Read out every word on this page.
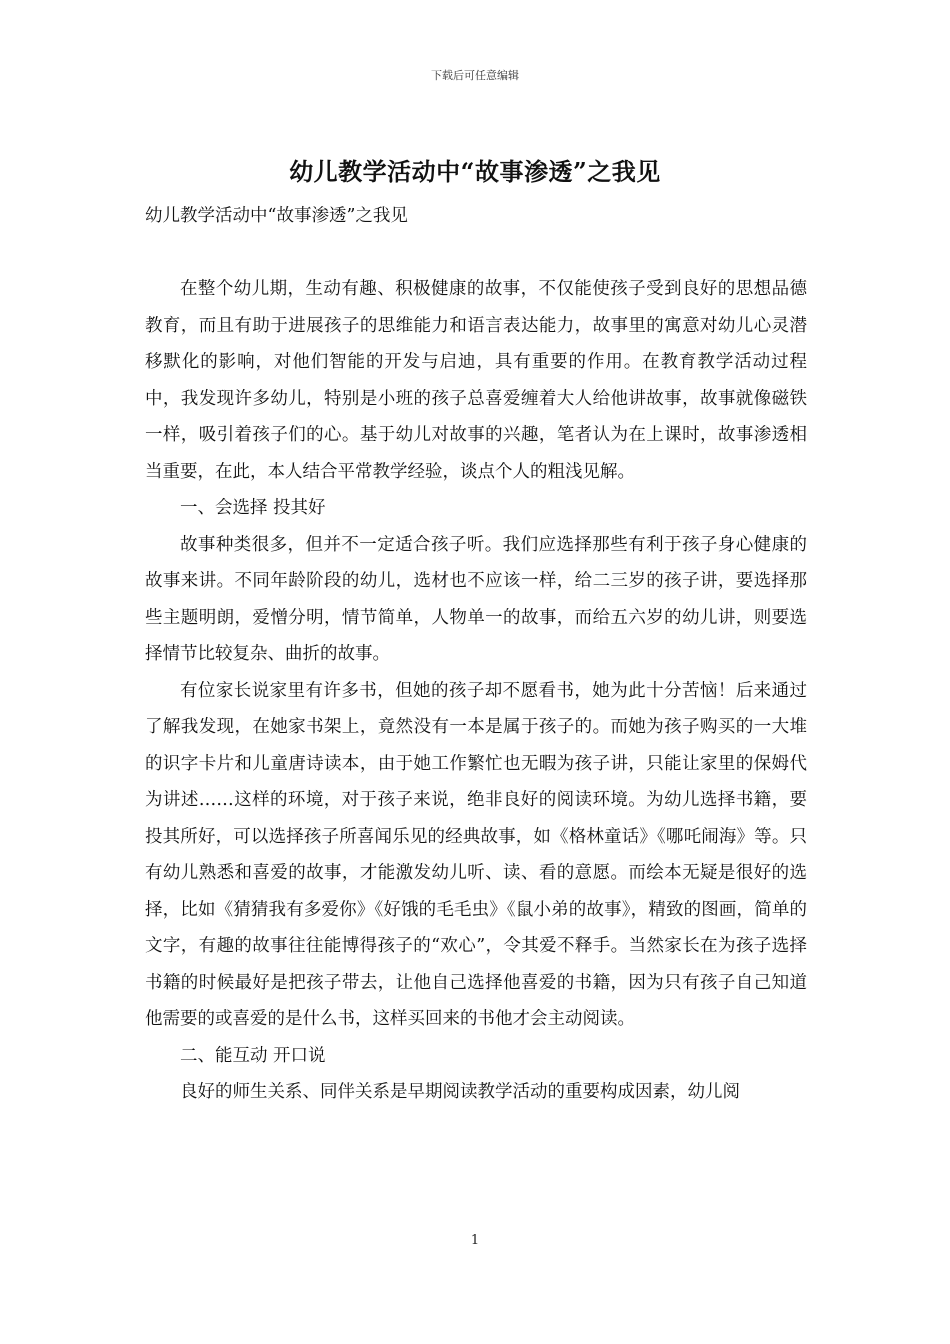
下载后可任意编辑
幼儿教学活动中“故事渗透”之我见

幼儿教学活动中“故事渗透”之我见

在整个幼儿期，生动有趣、积极健康的故事，不仅能使孩子受到良好的思想品德教育，而且有助于进展孩子的思维能力和语言表达能力，故事里的寓意对幼儿心灵潜移默化的影响，对他们智能的开发与启迪，具有重要的作用。在教育教学活动过程中，我发现许多幼儿，特别是小班的孩子总喜爱缠着大人给他讲故事，故事就像磁铁一样，吸引着孩子们的心。基于幼儿对故事的兴趣，笔者认为在上课时，故事渗透相当重要，在此，本人结合平常教学经验，谈点个人的粗浅见解。

一、会选择 投其好

故事种类很多，但并不一定适合孩子听。我们应选择那些有利于孩子身心健康的故事来讲。不同年龄阶段的幼儿，选材也不应该一样，给二三岁的孩子讲，要选择那些主题明朗，爱憎分明，情节简单，人物单一的故事，而给五六岁的幼儿讲，则要选择情节比较复杂、曲折的故事。

有位家长说家里有许多书，但她的孩子却不愿看书，她为此十分苦恼！后来通过了解我发现，在她家书架上，竟然没有一本是属于孩子的。而她为孩子购买的一大堆的识字卡片和儿童唐诗读本，由于她工作繁忙也无暇为孩子讲，只能让家里的保姆代为讲述……这样的环境，对于孩子来说，绝非良好的阅读环境。为幼儿选择书籍，要投其所好，可以选择孩子所喜闻乐见的经典故事，如《格林童话》《哪吒闹海》等。只有幼儿熟悉和喜爱的故事，才能激发幼儿听、读、看的意愿。而绘本无疑是很好的选择，比如《猜猜我有多爱你》《好饿的毛毛虫》《鼠小弟的故事》，精致的图画，简单的文字，有趣的故事往往能博得孩子的“欢心”，令其爱不释手。当然家长在为孩子选择书籍的时候最好是把孩子带去，让他自己选择他喜爱的书籍，因为只有孩子自己知道他需要的或喜爱的是什么书，这样买回来的书他才会主动阅读。

二、能互动 开口说

良好的师生关系、同伴关系是早期阅读教学活动的重要构成因素，幼儿阅

1
